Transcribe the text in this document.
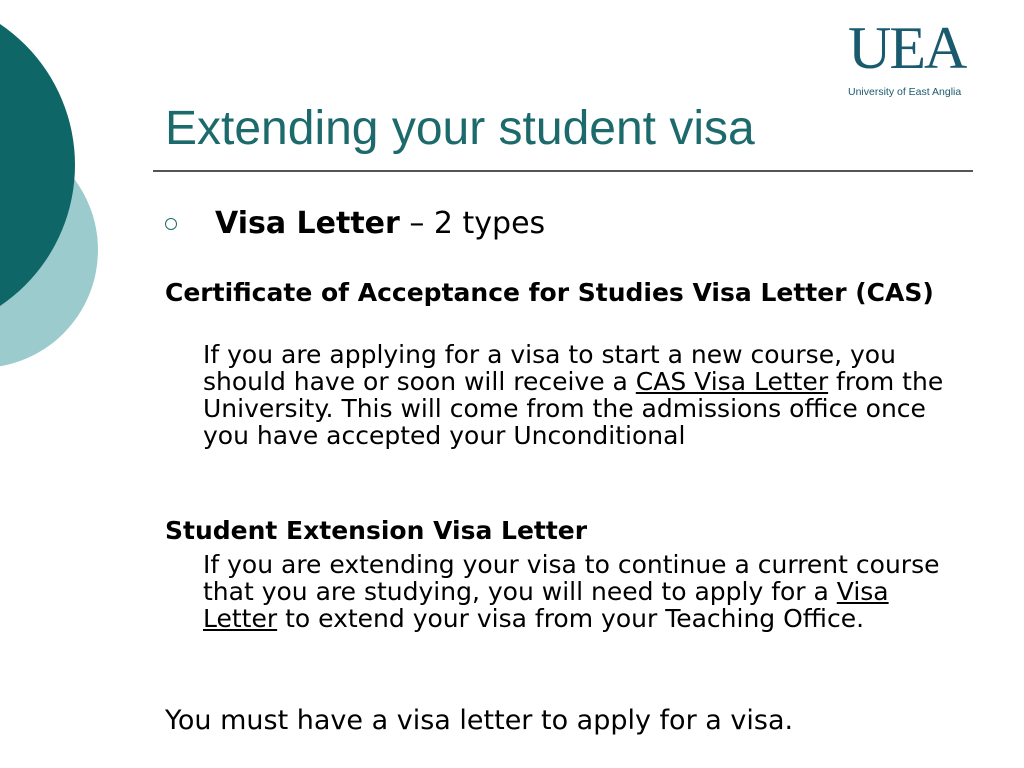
UEA
University of East Anglia
Extending your student visa
Visa Letter – 2 types

Certificate of Acceptance for Studies Visa Letter (CAS)

If you are applying for a visa to start a new course, you should have or soon will receive a CAS Visa Letter from the University. This will come from the admissions office once you have accepted your Unconditional

Student Extension Visa Letter

If you are extending your visa to continue a current course that you are studying, you will need to apply for a Visa Letter to extend your visa from your Teaching Office.

You must have a visa letter to apply for a visa.
